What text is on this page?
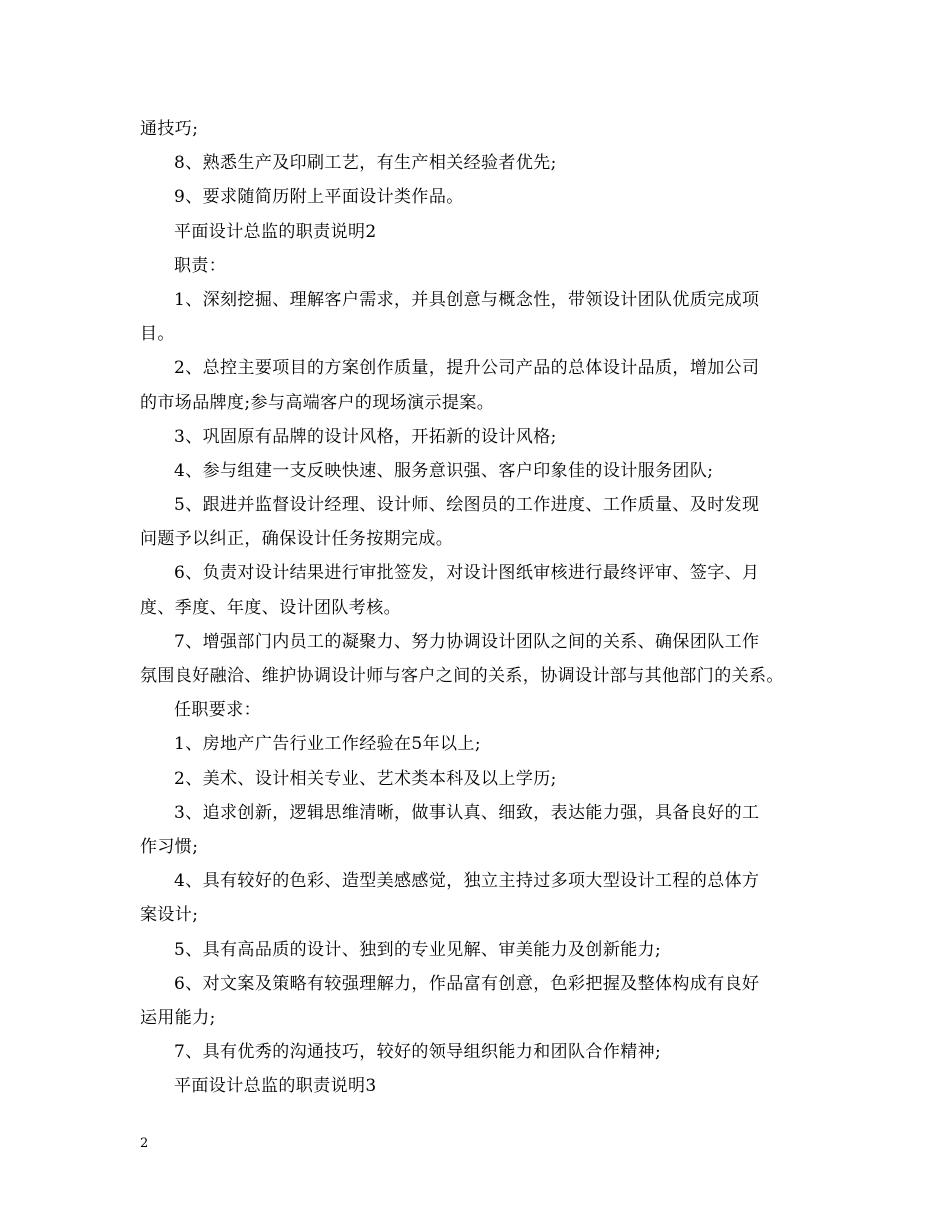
通技巧;
8、熟悉生产及印刷工艺，有生产相关经验者优先;
9、要求随简历附上平面设计类作品。
平面设计总监的职责说明2
职责：
1、深刻挖掘、理解客户需求，并具创意与概念性，带领设计团队优质完成项
目。
2、总控主要项目的方案创作质量，提升公司产品的总体设计品质，增加公司
的市场品牌度;参与高端客户的现场演示提案。
3、巩固原有品牌的设计风格，开拓新的设计风格;
4、参与组建一支反映快速、服务意识强、客户印象佳的设计服务团队;
5、跟进并监督设计经理、设计师、绘图员的工作进度、工作质量、及时发现
问题予以纠正，确保设计任务按期完成。
6、负责对设计结果进行审批签发，对设计图纸审核进行最终评审、签字、月
度、季度、年度、设计团队考核。
7、增强部门内员工的凝聚力、努力协调设计团队之间的关系、确保团队工作
氛围良好融洽、维护协调设计师与客户之间的关系，协调设计部与其他部门的关系。
任职要求：
1、房地产广告行业工作经验在5年以上;
2、美术、设计相关专业、艺术类本科及以上学历;
3、追求创新，逻辑思维清晰，做事认真、细致，表达能力强，具备良好的工
作习惯;
4、具有较好的色彩、造型美感感觉，独立主持过多项大型设计工程的总体方
案设计;
5、具有高品质的设计、独到的专业见解、审美能力及创新能力;
6、对文案及策略有较强理解力，作品富有创意，色彩把握及整体构成有良好
运用能力;
7、具有优秀的沟通技巧，较好的领导组织能力和团队合作精神;
平面设计总监的职责说明3
2
